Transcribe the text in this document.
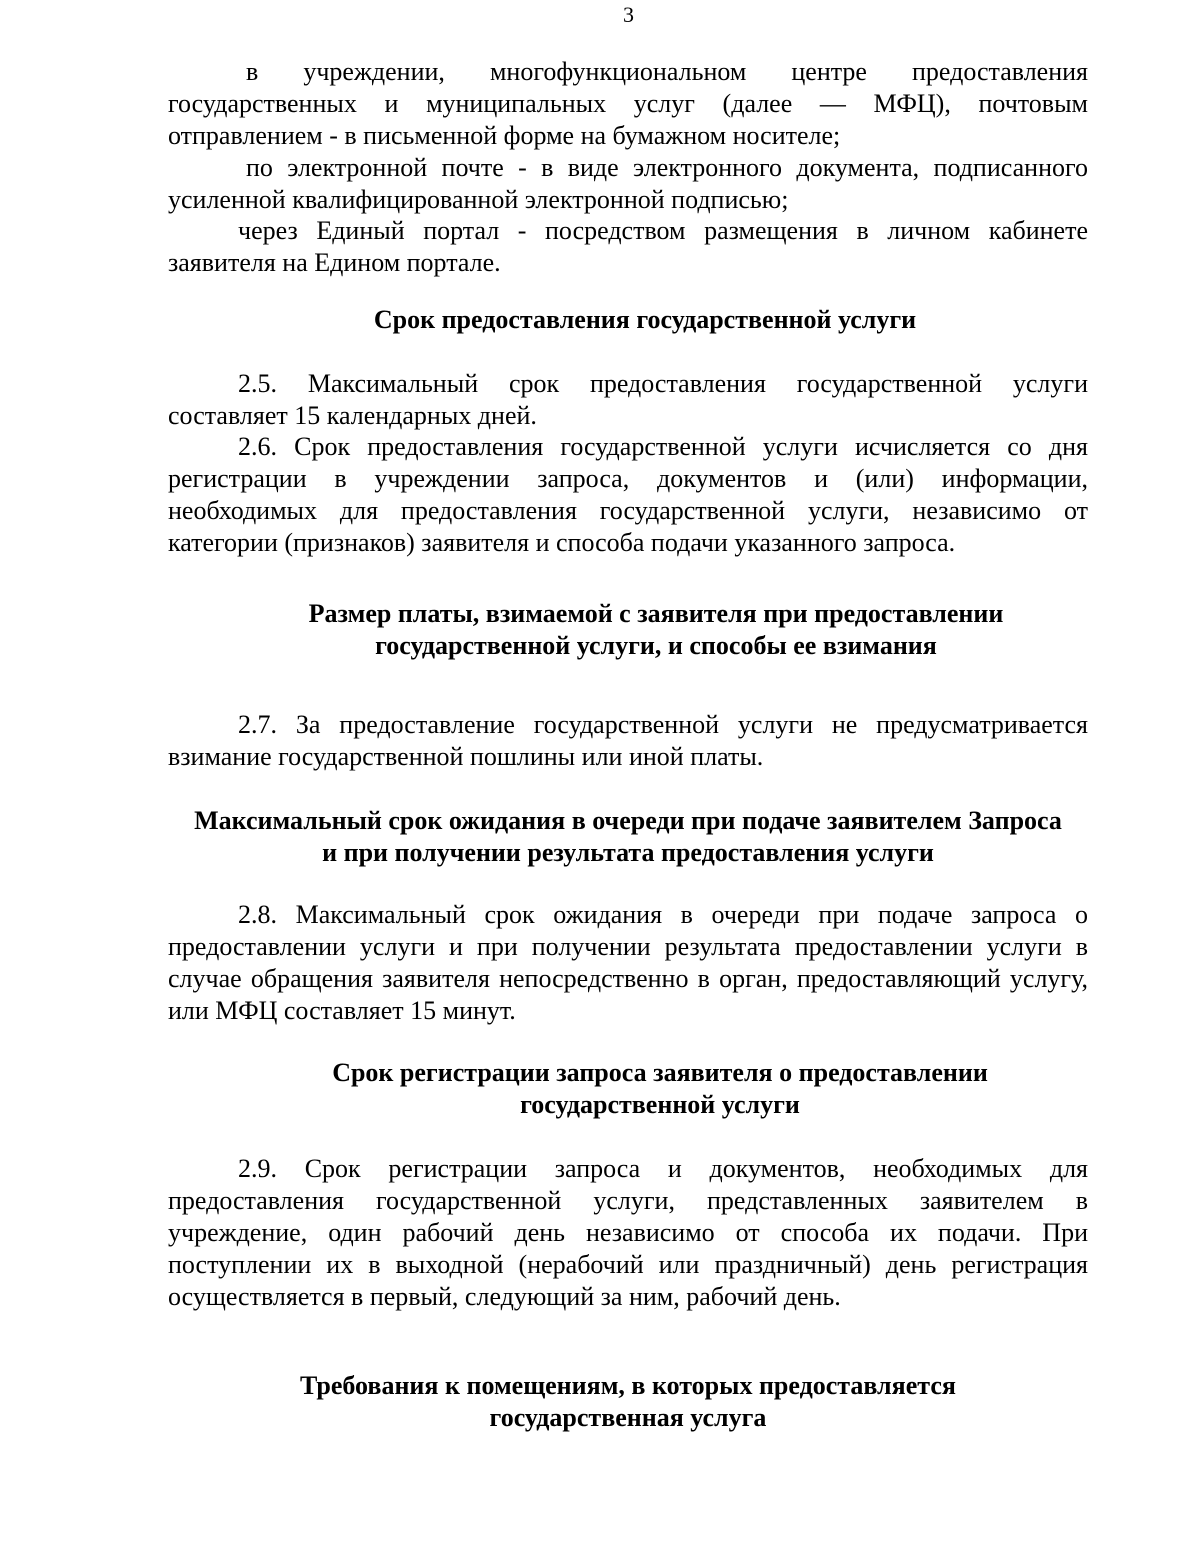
3

в учреждении, многофункциональном центре предоставления государственных и муниципальных услуг (далее — МФЦ), почтовым отправлением - в письменной форме на бумажном носителе;

по электронной почте - в виде электронного документа, подписанного усиленной квалифицированной электронной подписью;

через Единый портал - посредством размещения в личном кабинете заявителя на Едином портале.

Срок предоставления государственной услуги

2.5. Максимальный срок предоставления государственной услуги составляет 15 календарных дней.

2.6. Срок предоставления государственной услуги исчисляется со дня регистрации в учреждении запроса, документов и (или) информации, необходимых для предоставления государственной услуги, независимо от категории (признаков) заявителя и способа подачи указанного запроса.

Размер платы, взимаемой с заявителя при предоставлении
государственной услуги, и способы ее взимания

2.7. За предоставление государственной услуги не предусматривается взимание государственной пошлины или иной платы.

Максимальный срок ожидания в очереди при подаче заявителем Запроса
и при получении результата предоставления услуги

2.8. Максимальный срок ожидания в очереди при подаче запроса о предоставлении услуги и при получении результата предоставлении услуги в случае обращения заявителя непосредственно в орган, предоставляющий услугу, или МФЦ составляет 15 минут.

Срок регистрации запроса заявителя о предоставлении
государственной услуги

2.9. Срок регистрации запроса и документов, необходимых для предоставления государственной услуги, представленных заявителем в учреждение, один рабочий день независимо от способа их подачи. При поступлении их в выходной (нерабочий или праздничный) день регистрация осуществляется в первый, следующий за ним, рабочий день.

Требования к помещениям, в которых предоставляется
государственная услуга
